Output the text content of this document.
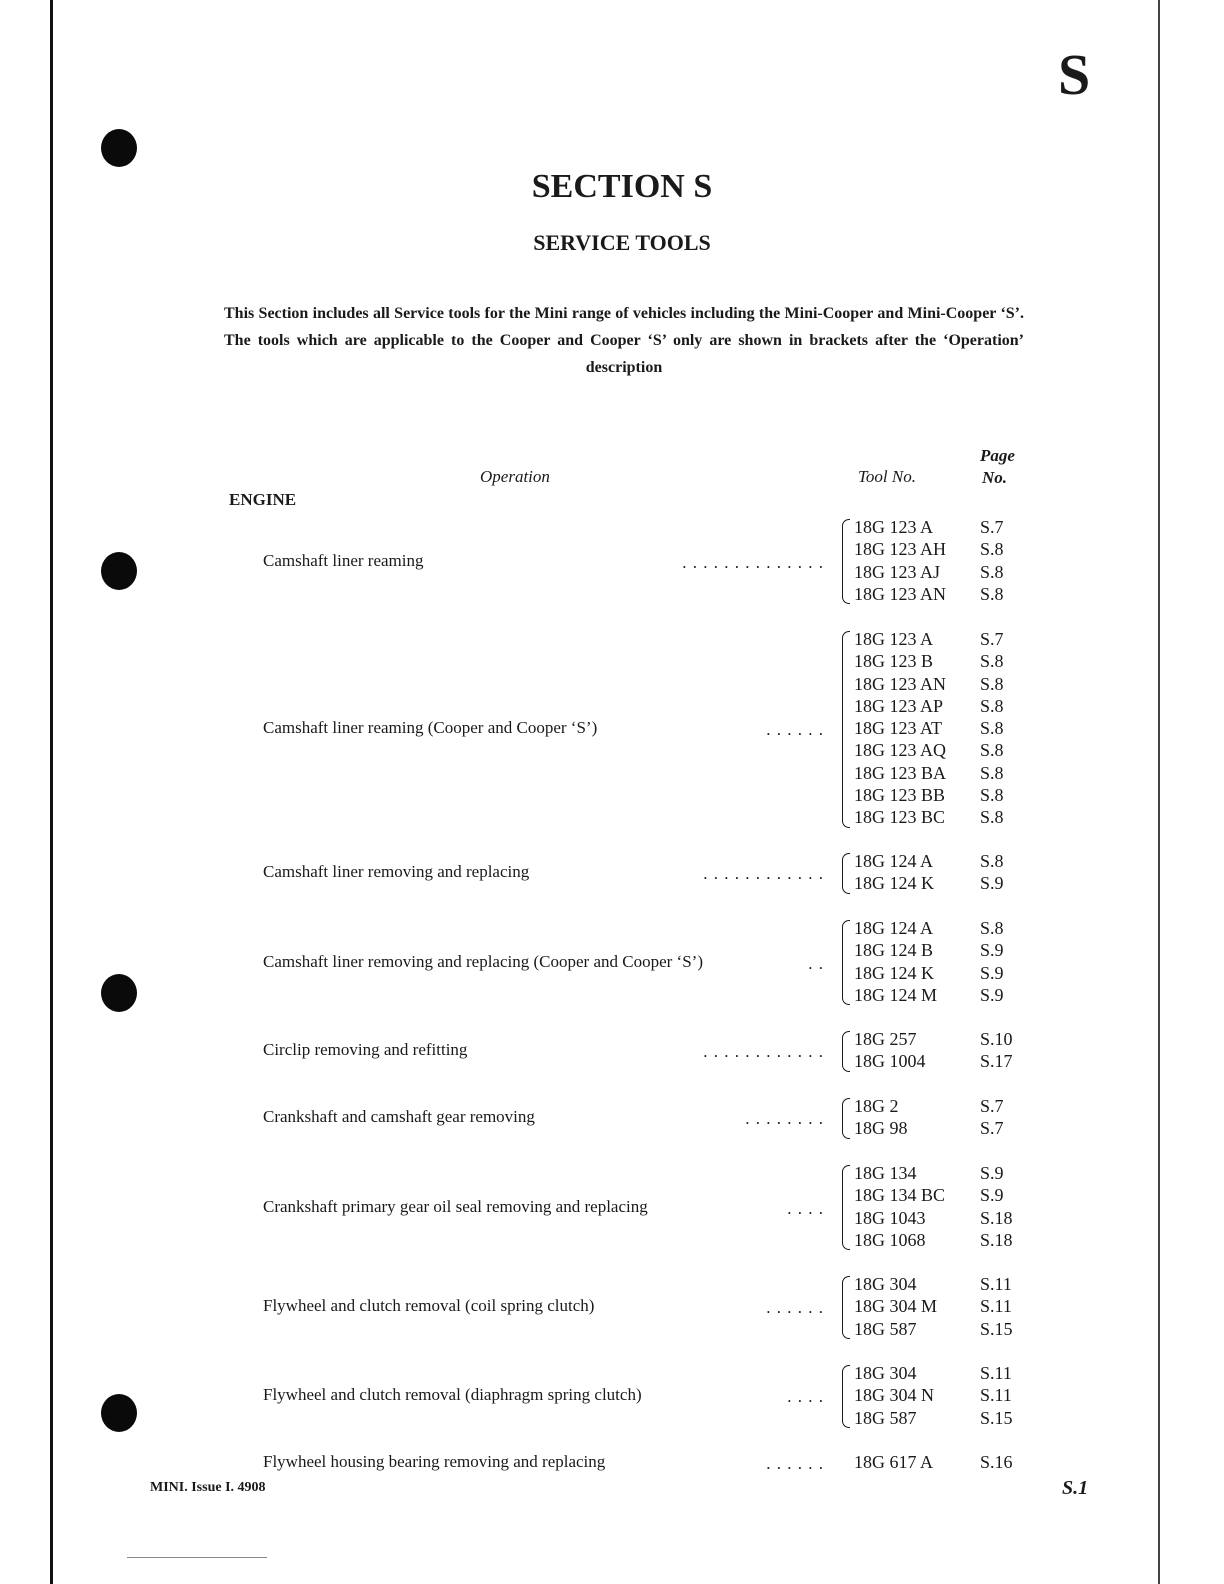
S
SECTION S
SERVICE TOOLS
This Section includes all Service tools for the Mini range of vehicles including the Mini-Cooper and Mini-Cooper ‘S’. The tools which are applicable to the Cooper and Cooper ‘S’ only are shown in brackets after the ‘Operation’ description
Operation	Tool No.
Page
No.
ENGINE
Camshaft liner reaming	. . . . . . . . . . . . . .
18G 123 A	S.7
18G 123 AH S.8
18G 123 AJ S.8
18G 123 AN S.8
Camshaft liner reaming (Cooper and Cooper ‘S’)	. . . . . .
18G 123 A	S.7
18G 123 B	S.8
18G 123 AN S.8
18G 123 AP S.8
18G 123 AT S.8
18G 123 AQ S.8
18G 123 BA S.8
18G 123 BB S.8
18G 123 BC S.8
Camshaft liner removing and replacing	. . . . . . . . . . . .
18G 124 A	S.8
18G 124 K	S.9
Camshaft liner removing and replacing (Cooper and Cooper ‘S’)	. .
18G 124 A	S.8
18G 124 B	S.9
18G 124 K	S.9
18G 124 M S.9
Circlip removing and refitting	. . . . . . . . . . . .
18G 257	S.10
18G 1004	S.17
Crankshaft and camshaft gear removing	. . . . . . . .
18G 2	S.7
18G 98	S.7
Crankshaft primary gear oil seal removing and replacing	. . . .
18G 134	S.9
18G 134 BC S.9
18G 1043	S.18
18G 1068	S.18
Flywheel and clutch removal (coil spring clutch)	. . . . . .
18G 304	S.11
18G 304 M S.11
18G 587	S.15
Flywheel and clutch removal (diaphragm spring clutch)	. . . .
18G 304	S.11
18G 304 N	S.11
18G 587	S.15
Flywheel housing bearing removing and replacing	. . . . . . 18G 617 A	S.16
MINI. Issue I. 4908	S.1
